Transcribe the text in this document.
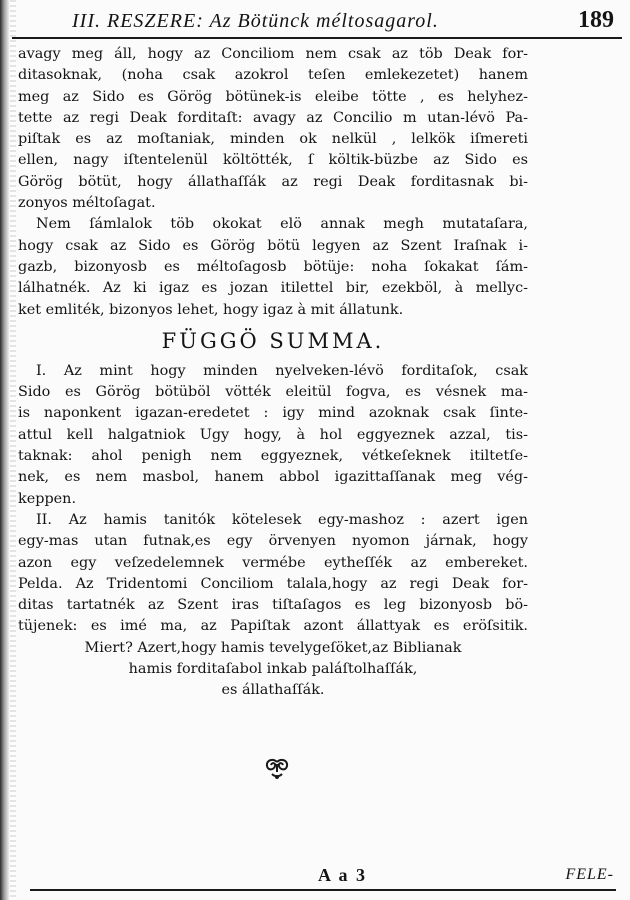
III. RESZERE: Az Bötünck méltosagarol.	189
avagy meg áll, hogy az Conciliom nem csak az töb Deak for-
ditasoknak, (noha csak azokrol teſen emlekezetet) hanem
meg az Sido es Görög bötünek-is eleibe tötte , es helyhez-
tette az regi Deak forditaſt: avagy az Concilio m utan-lévö Pa-
piſtak es az moſtaniak, minden ok nelkül , lelkök iſmereti
ellen, nagy iſtentelenül költötték, ſ költik-büzbe az Sido es
Görög bötüt, hogy állathaſſák az regi Deak forditasnak bi-
zonyos méltoſagat.
Nem ſámlalok töb okokat elö annak megh mutataſara,
hogy csak az Sido es Görög bötü legyen az Szent Iraſnak i-
gazb, bizonyosb es méltoſagosb bötüje: noha ſokakat ſám-
lálhatnék. Az ki igaz es jozan itilettel bir, ezekböl, à mellyc-
ket emliték, bizonyos lehet, hogy igaz à mit állatunk.
FÜGGÖ SUMMA.
I. Az mint hogy minden nyelveken-lévö forditaſok, csak
Sido es Görög bötüböl vötték eleitül fogva, es vésnek ma-
is naponkent igazan-eredetet : igy mind azoknak csak ſinte-
attul kell halgatniok Ugy hogy, à hol eggyeznek azzal, tis-
taknak: ahol penigh nem eggyeznek, vétkeſeknek itiltetſe-
nek, es nem masbol, hanem abbol igazittaſſanak meg vég-
keppen.
II. Az hamis tanitók kötelesek egy-mashoz : azert igen
egy-mas utan futnak,es egy örvenyen nyomon járnak, hogy
azon egy veſzedelemnek vermébe eytheſſék az embereket.
Pelda. Az Tridentomi Conciliom talala,hogy az regi Deak for-
ditas tartatnék az Szent iras tiſtaſagos es leg bizonyosb bö-
tüjenek: es imé ma, az Papiſtak azont állattyak es eröſsitik.
Miert? Azert,hogy hamis tevelygeſöket,az Biblianak
hamis forditaſabol inkab paláſtolhaſſák,
es állathaſſák.
A a 3	FELE-
